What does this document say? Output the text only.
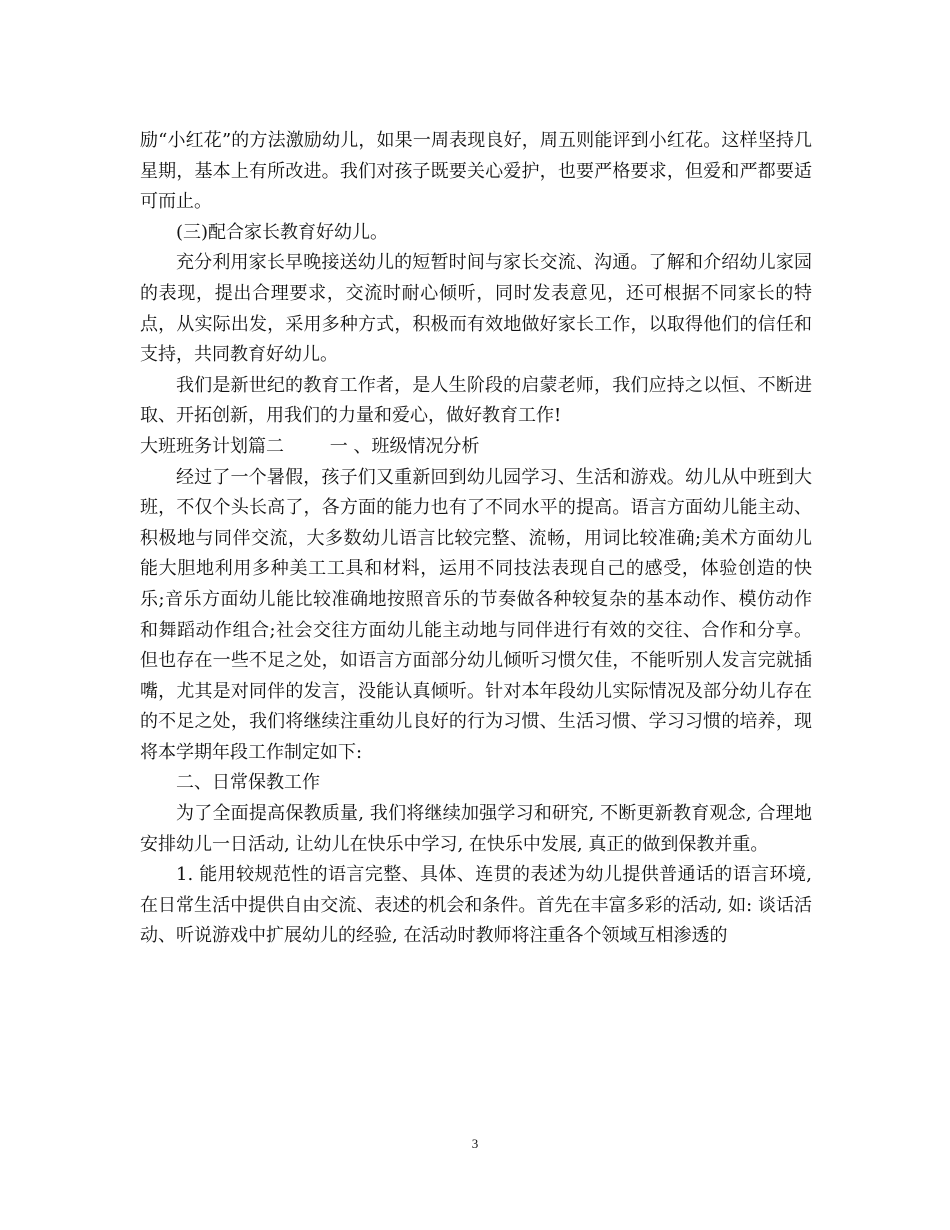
励“小红花”的方法激励幼儿，如果一周表现良好，周五则能评到小红花。这样坚持几星期，基本上有所改进。我们对孩子既要关心爱护，也要严格要求，但爱和严都要适可而止。

(三)配合家长教育好幼儿。

充分利用家长早晚接送幼儿的短暂时间与家长交流、沟通。了解和介绍幼儿家园的表现，提出合理要求，交流时耐心倾听，同时发表意见，还可根据不同家长的特点，从实际出发，采用多种方式，积极而有效地做好家长工作，以取得他们的信任和支持，共同教育好幼儿。

我们是新世纪的教育工作者，是人生阶段的启蒙老师，我们应持之以恒、不断进取、开拓创新，用我们的力量和爱心，做好教育工作!

大班班务计划篇二	一 、班级情况分析

经过了一个暑假，孩子们又重新回到幼儿园学习、生活和游戏。幼儿从中班到大班，不仅个头长高了，各方面的能力也有了不同水平的提高。语言方面幼儿能主动、积极地与同伴交流，大多数幼儿语言比较完整、流畅，用词比较准确;美术方面幼儿能大胆地利用多种美工工具和材料，运用不同技法表现自己的感受，体验创造的快乐;音乐方面幼儿能比较准确地按照音乐的节奏做各种较复杂的基本动作、模仿动作和舞蹈动作组合;社会交往方面幼儿能主动地与同伴进行有效的交往、合作和分享。但也存在一些不足之处，如语言方面部分幼儿倾听习惯欠佳，不能听别人发言完就插嘴，尤其是对同伴的发言，没能认真倾听。针对本年段幼儿实际情况及部分幼儿存在的不足之处，我们将继续注重幼儿良好的行为习惯、生活习惯、学习习惯的培养，现将本学期年段工作制定如下:

二、日常保教工作

为了全面提高保教质量, 我们将继续加强学习和研究, 不断更新教育观念, 合理地安排幼儿一日活动, 让幼儿在快乐中学习, 在快乐中发展, 真正的做到保教并重。

1. 能用较规范性的语言完整、具体、连贯的表述为幼儿提供普通话的语言环境, 在日常生活中提供自由交流、表述的机会和条件。首先在丰富多彩的活动, 如: 谈话活动、听说游戏中扩展幼儿的经验, 在活动时教师将注重各个领域互相渗透的

3
